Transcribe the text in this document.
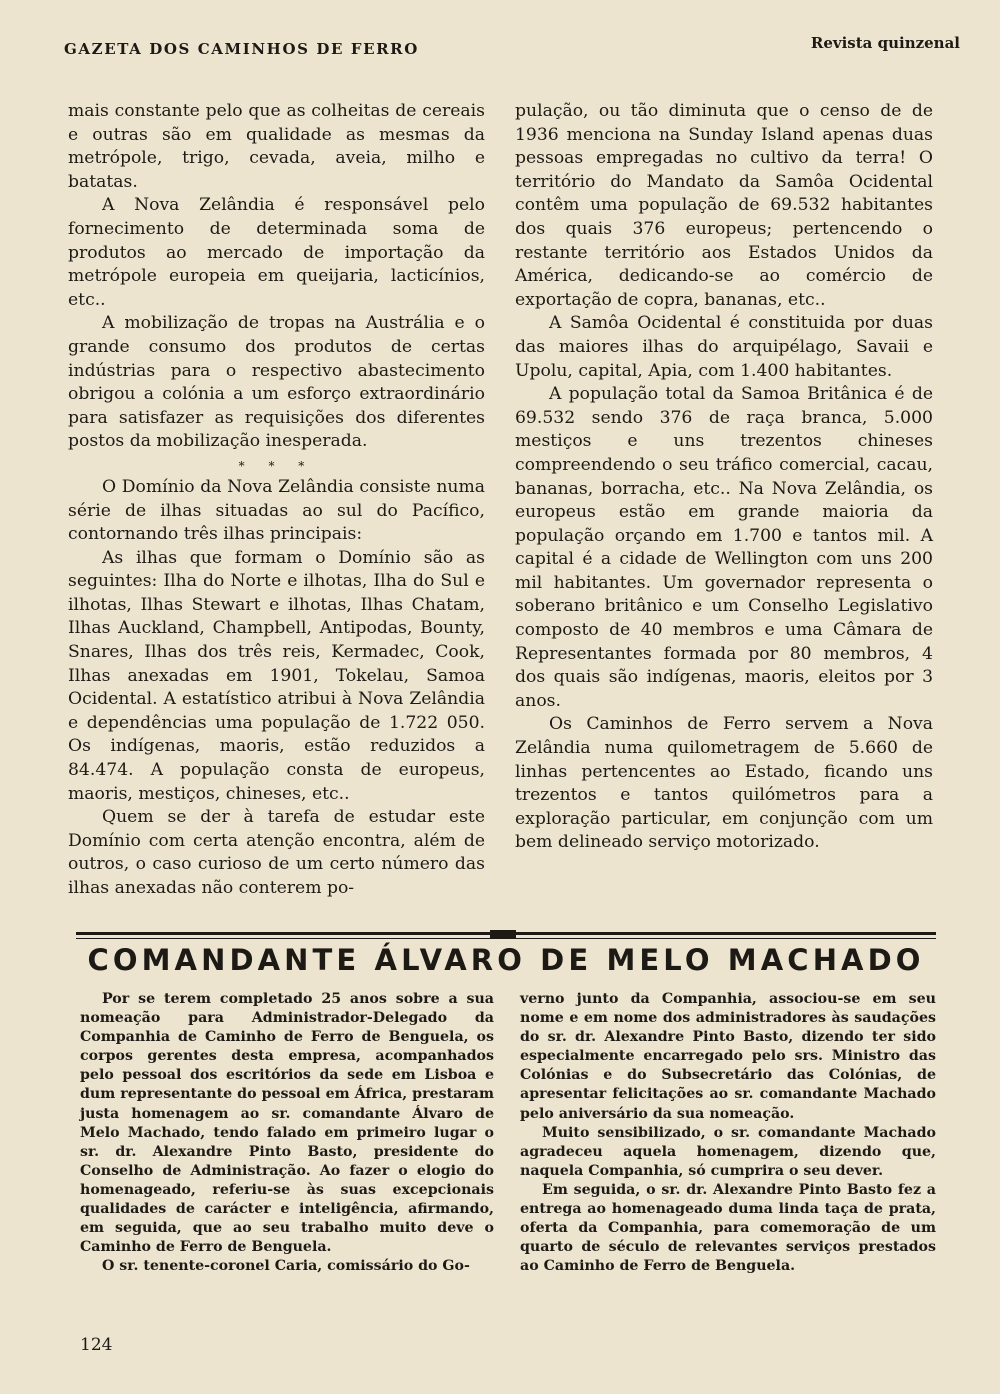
GAZETA DOS CAMINHOS DE FERRO	Revista quinzenal

mais constante pelo que as colheitas de cereais e outras são em qualidade as mesmas da metrópole, trigo, cevada, aveia, milho e batatas.

A Nova Zelândia é responsável pelo fornecimento de determinada soma de produtos ao mercado de importação da metrópole europeia em queijaria, lacticínios, etc..

A mobilização de tropas na Austrália e o grande consumo dos produtos de certas indústrias para o respectivo abastecimento obrigou a colónia a um esforço extraordinário para satisfazer as requisições dos diferentes postos da mobilização inesperada.

* * *

O Domínio da Nova Zelândia consiste numa série de ilhas situadas ao sul do Pacífico, contornando três ilhas principais:

As ilhas que formam o Domínio são as seguintes: Ilha do Norte e ilhotas, Ilha do Sul e ilhotas, Ilhas Stewart e ilhotas, Ilhas Chatam, Ilhas Auckland, Champbell, Antipodas, Bounty, Snares, Ilhas dos três reis, Kermadec, Cook, Ilhas anexadas em 1901, Tokelau, Samoa Ocidental. A estatístico atribui à Nova Zelândia e dependências uma população de 1.722 050. Os indígenas, maoris, estão reduzidos a 84.474. A população consta de europeus, maoris, mestiços, chineses, etc..

Quem se der à tarefa de estudar este Domínio com certa atenção encontra, além de outros, o caso curioso de um certo número das ilhas anexadas não conterem po-

pulação, ou tão diminuta que o censo de de 1936 menciona na Sunday Island apenas duas pessoas empregadas no cultivo da terra! O território do Mandato da Samôa Ocidental contêm uma população de 69.532 habitantes dos quais 376 europeus; pertencendo o restante território aos Estados Unidos da América, dedicando-se ao comércio de exportação de copra, bananas, etc..

A Samôa Ocidental é constituida por duas das maiores ilhas do arquipélago, Savaii e Upolu, capital, Apia, com 1.400 habitantes.

A população total da Samoa Britânica é de 69.532 sendo 376 de raça branca, 5.000 mestiços e uns trezentos chineses compreendendo o seu tráfico comercial, cacau, bananas, borracha, etc.. Na Nova Zelândia, os europeus estão em grande maioria da população orçando em 1.700 e tantos mil. A capital é a cidade de Wellington com uns 200 mil habitantes. Um governador representa o soberano britânico e um Conselho Legislativo composto de 40 membros e uma Câmara de Representantes formada por 80 membros, 4 dos quais são indígenas, maoris, eleitos por 3 anos.

Os Caminhos de Ferro servem a Nova Zelândia numa quilometragem de 5.660 de linhas pertencentes ao Estado, ficando uns trezentos e tantos quilómetros para a exploração particular, em conjunção com um bem delineado serviço motorizado.

COMANDANTE ÁLVARO DE MELO MACHADO

Por se terem completado 25 anos sobre a sua nomeação para Administrador-Delegado da Companhia de Caminho de Ferro de Benguela, os corpos gerentes desta empresa, acompanhados pelo pessoal dos escritórios da sede em Lisboa e dum representante do pessoal em África, prestaram justa homenagem ao sr. comandante Álvaro de Melo Machado, tendo falado em primeiro lugar o sr. dr. Alexandre Pinto Basto, presidente do Conselho de Administração. Ao fazer o elogio do homenageado, referiu-se às suas excepcionais qualidades de carácter e inteligência, afirmando, em seguida, que ao seu trabalho muito deve o Caminho de Ferro de Benguela.

O sr. tenente-coronel Caria, comissário do Go-

verno junto da Companhia, associou-se em seu nome e em nome dos administradores às saudações do sr. dr. Alexandre Pinto Basto, dizendo ter sido especialmente encarregado pelo srs. Ministro das Colónias e do Subsecretário das Colónias, de apresentar felicitações ao sr. comandante Machado pelo aniversário da sua nomeação.

Muito sensibilizado, o sr. comandante Machado agradeceu aquela homenagem, dizendo que, naquela Companhia, só cumprira o seu dever.

Em seguida, o sr. dr. Alexandre Pinto Basto fez a entrega ao homenageado duma linda taça de prata, oferta da Companhia, para comemoração de um quarto de século de relevantes serviços prestados ao Caminho de Ferro de Benguela.

124
